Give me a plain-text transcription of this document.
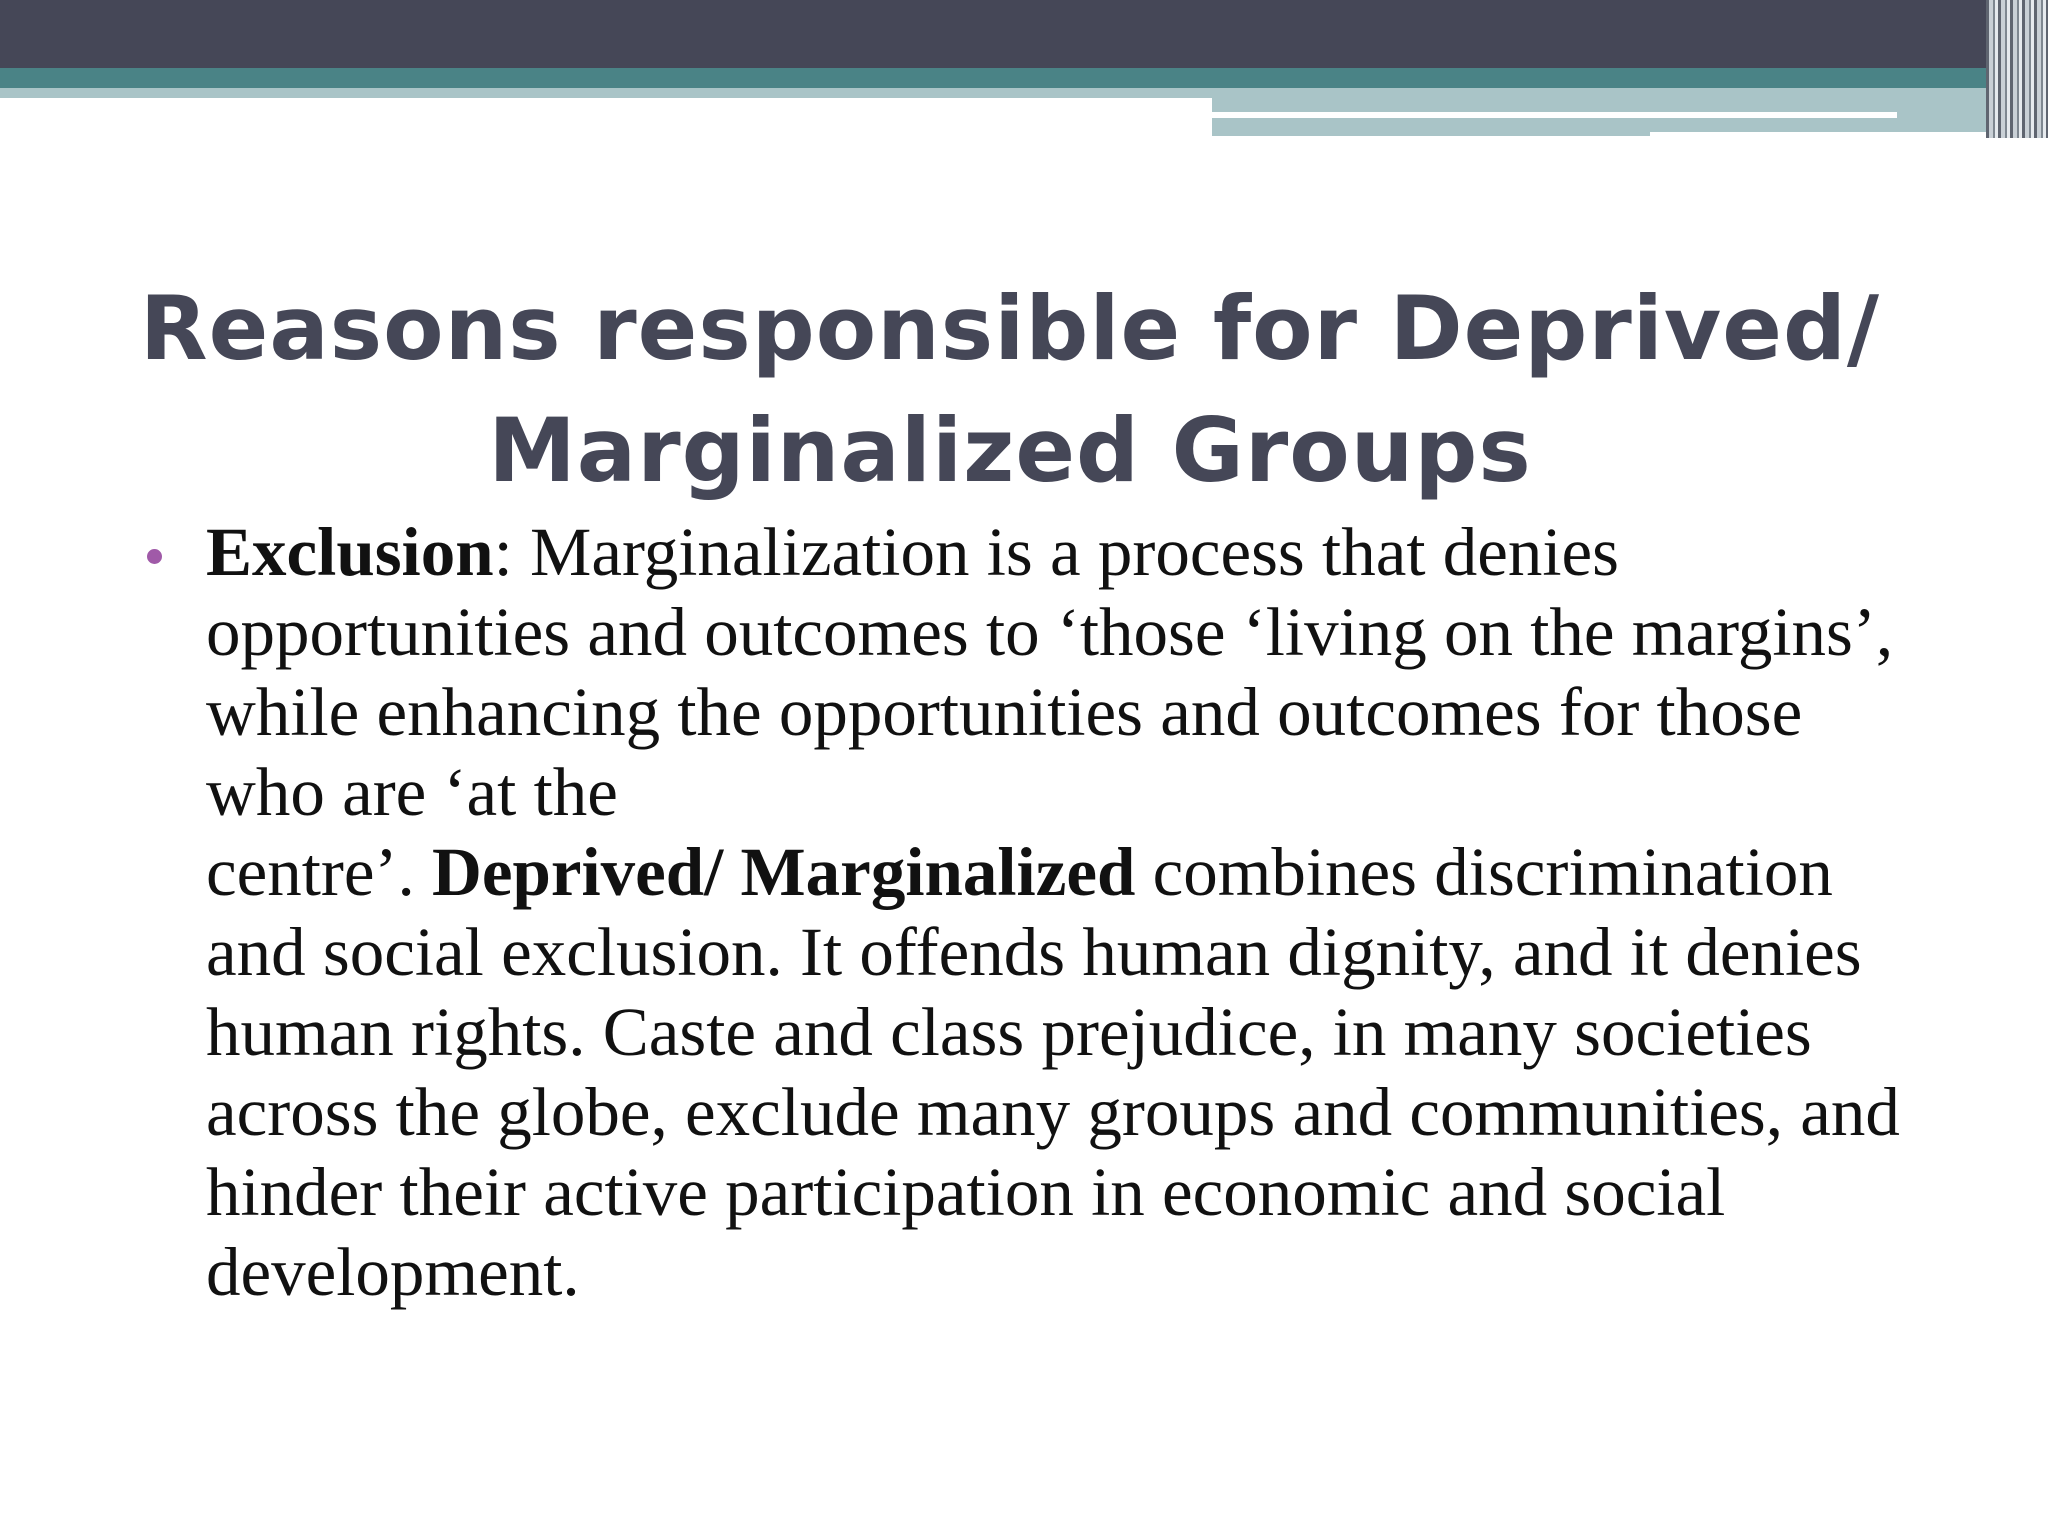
Reasons responsible for Deprived/
Marginalized Groups
Exclusion: Marginalization is a process that denies opportunities and outcomes to ‘those ‘living on the margins’, while enhancing the opportunities and outcomes for those who are ‘at the
centre’. Deprived/ Marginalized combines discrimination and social exclusion. It offends human dignity, and it denies human rights. Caste and class prejudice, in many societies across the globe, exclude many groups and communities, and hinder their active participation in economic and social development.
